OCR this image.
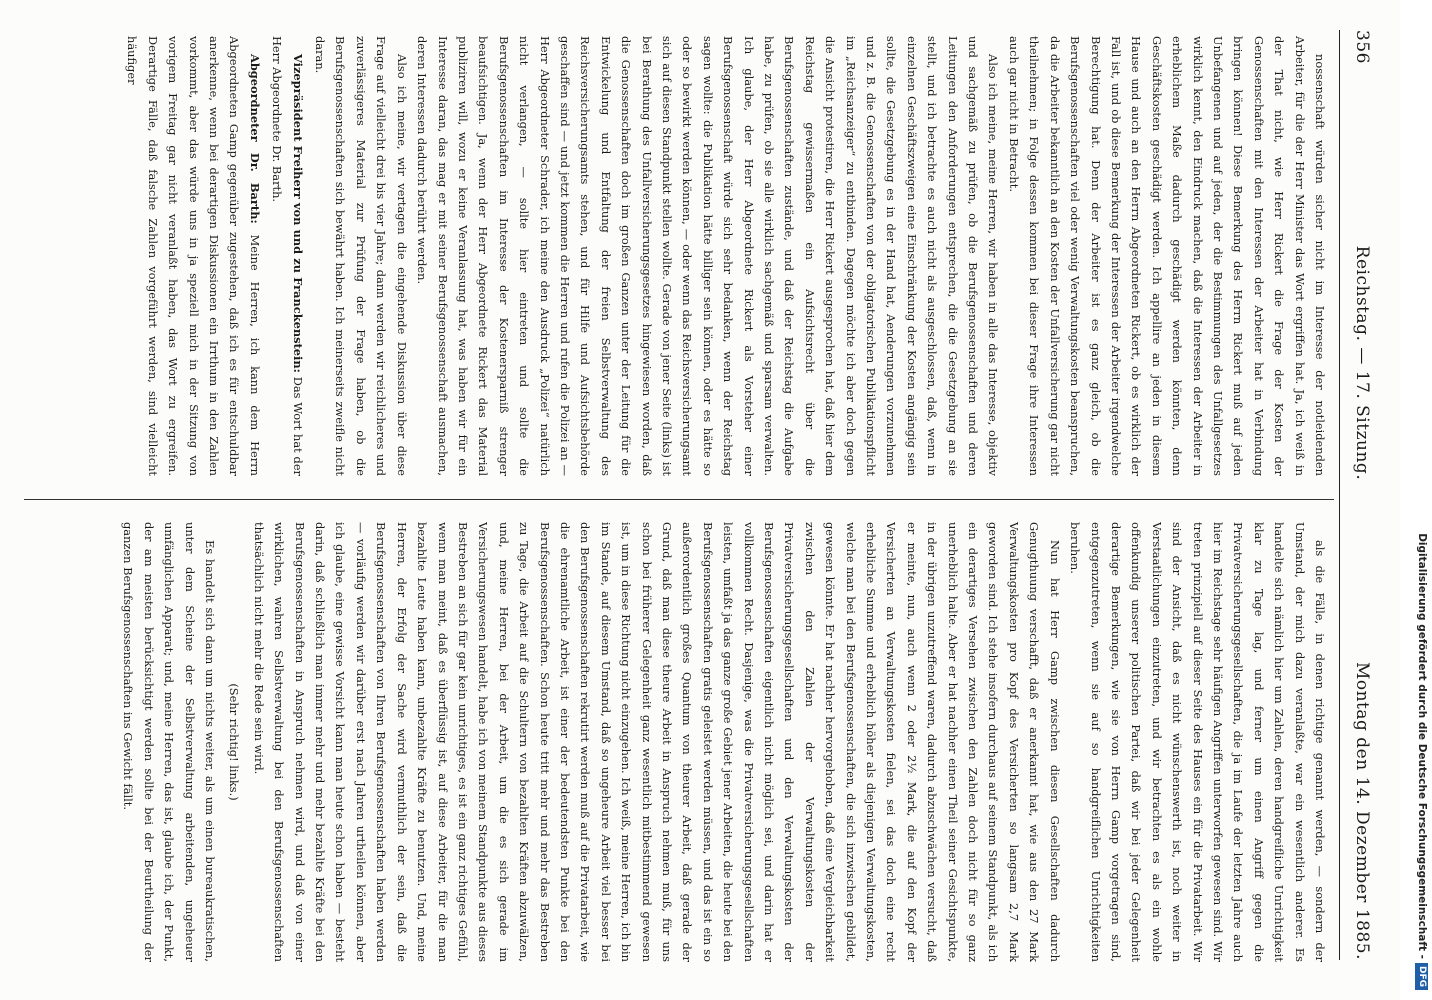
356
Reichstag. — 17. Sitzung.
Montag den 14. Dezember 1885.

nossenschaft würden sicher nicht im Interesse der notleidenden Arbeiter, für die der Herr Minister das Wort ergriffen hat. Ja, ich weiß in der That nicht, wie Herr Rickert die Frage der Kosten der Genossenschaften mit den Interessen der Arbeiter hat in Verbindung bringen können! Diese Bemerkung des Herrn Rickert muß auf jeden Unbefangenen und auf jeden, der die Bestimmungen des Unfallgesetzes wirklich kennt, den Eindruck machen, daß die Interessen der Arbeiter in erheblichem Maße dadurch geschädigt werden könnten, denn Geschäftskosten geschädigt werden. Ich appellire an jeden in diesem Hause und auch an den Herrn Abgeordneten Rickert, ob es wirklich der Fall ist, und ob diese Bemerkung der Interessen der Arbeiter irgendwelche Berechtigung hat. Denn der Arbeiter ist es ganz gleich, ob die Berufsgenossenschaften viel oder wenig Verwaltungskosten beanspruchen, da die Arbeiter bekanntlich an den Kosten der Unfallversicherung gar nicht theilnehmen; in Folge dessen kommen bei dieser Frage ihre Interessen auch gar nicht in Betracht.

Also ich meine, meine Herren, wir haben in alle das Interesse, objektiv und sachgemäß zu prüfen, ob die Berufsgenossenschaften und deren Leitungen den Anforderungen entsprechen, die die Gesetzgebung an sie stellt, und ich betrachte es auch nicht als ausgeschlossen, daß, wenn in einzelnen Geschäftszweigen eine Einschränkung der Kosten angängig sein sollte, die Gesetzgebung es in der Hand hat, Aenderungen vorzunehmen und z. B. die Genossenschaften von der obligatorischen Publikationspflicht im „Reichsanzeiger“ zu entbinden. Dagegen möchte ich aber doch gegen die Ansicht protestiren, die Herr Rickert ausgesprochen hat, daß hier dem Reichstag gewissermaßen ein Aufsichtsrecht über die Berufsgenossenschaften zustände, und daß der Reichstag die Aufgabe habe, zu prüfen, ob sie alle wirklich sachgemäß und sparsam verwalten. Ich glaube, der Herr Abgeordnete Rickert als Vorsteher einer Berufsgenossenschaft würde sich sehr bedanken, wenn der Reichstag sagen wollte: die Publikation hätte billiger sein können, oder es hätte so oder so bewirkt werden können, — oder wenn das Reichsversicherungsamt sich auf diesen Standpunkt stellen wollte. Gerade von jener Seite (links) ist bei Berathung des Unfallversicherungsgesetzes hingewiesen worden, daß die Genossenschaften doch im großen Ganzen unter der Leitung für die Entwickelung und Entfaltung der freien Selbstverwaltung des Reichsversicherungsamts stehen, und für Hilfe und Aufsichtsbehörde geschaffen sind — und jetzt kommen die Herren und rufen die Polizei an — Herr Abgeordneter Schrader, ich meine den Ausdruck „Polizei“ natürlich nicht verlangen, — sollte hier eintreten und sollte die Berufsgenossenschaften im Interesse der Kostenersparniß strenger beaufsichtigen. Ja, wenn der Herr Abgeordnete Rickert das Material publiziren will, wozu er keine Veranlassung hat, was haben wir für ein Interesse daran, das mag er mit seiner Berufsgenossenschaft ausmachen, deren Interessen dadurch berührt werden.

Also ich meine, wir vertagen die eingehende Diskussion über diese Frage auf vielleicht drei bis vier Jahre; dann werden wir reichlicheres und zuverlässigeres Material zur Prüfung der Frage haben, ob die Berufsgenossenschaften sich bewährt haben. Ich meinerseits zweifle nicht daran.

Vizepräsident Freiherr von und zu Franckenstein: Das Wort hat der Herr Abgeordnete Dr. Barth.

Abgeordneter Dr. Barth: Meine Herren, ich kann dem Herrn Abgeordneten Gamp gegenüber zugestehen, daß ich es für entschuldbar anerkenne, wenn bei derartigen Diskussionen ein Irrthum in den Zahlen vorkommt, aber das würde uns in ja speziell mich in der Sitzung von vorigem Freitag gar nicht veranlaßt haben, das Wort zu ergreifen. Derartige Fälle, daß falsche Zahlen vorgeführt werden, sind vielleicht häufiger

als die Fälle, in denen richtige genannt werden, — sondern der Umstand, der mich dazu veranlaßte, war ein wesentlich anderer. Es handelte sich nämlich hier um Zahlen, deren handgreifliche Unrichtigkeit klar zu Tage lag, und ferner um einen Angriff gegen die Privatversicherungsgesellschaften, die ja im Laufe der letzten Jahre auch hier im Reichstage sehr häufigen Angriffen unterworfen gewesen sind. Wir treten prinzipiell auf dieser Seite des Hauses ein für die Privatarbeit. Wir sind der Ansicht, daß es nicht wünschenswerth ist, noch weiter in Verstaatlichungen einzutreten, und wir betrachten es als ein wohle offenkundig unserer politischen Partei, daß wir bei jeder Gelegenheit derartige Bemerkungen, wie sie von Herrn Gamp vorgetragen sind, entgegenzutreten, wenn sie auf so handgreiflichen Unrichtigkeiten beruhen.

Nun hat Herr Gamp zwischen diesen Gesellschaften dadurch Genugthuung verschafft, daß er anerkannt hat, wie aus den 27 Mark Verwaltungskosten pro Kopf des Versicherten so langsam 2,7 Mark geworden sind. Ich stehe insofern durchaus auf seinem Standpunkt, als ich ein derartiges Versehen zwischen den Zahlen doch nicht für so ganz unerheblich halte. Aber er hat nachher einen Theil seiner Gesichtspunkte, in der übrigen unzutreffend waren, dadurch abzuschwächen versucht, daß er meinte, nun, auch wenn 2 oder 2½ Mark, die auf den Kopf der Versicherten an Verwaltungskosten fielen, sei das doch eine recht erhebliche Summe und erheblich höher als diejenigen Verwaltungskosten, welche man bei den Berufsgenossenschaften, die sich inzwischen gebildet, gewesen könnte. Er hat nachher hervorgehoben, daß eine Vergleichbarkeit zwischen den Zahlen der Verwaltungskosten der Privatversicherungsgesellschaften und den Verwaltungskosten der Berufsgenossenschaften eigentlich nicht möglich sei, und darin hat er vollkommen Recht. Dasjenige, was die Privatversicherungsgesellschaften leisten, umfaßt ja das ganze große Gebiet jener Arbeiten, die heute bei den Berufsgenossenschaften gratis geleistet werden müssen, und das ist ein so außerordentlich großes Quantum von theurer Arbeit, daß gerade der Grund, daß man diese theure Arbeit in Anspruch nehmen muß, für uns schon bei früherer Gelegenheit ganz wesentlich mitbestimmend gewesen ist, um in diese Richtung nicht einzugehen. Ich weiß, meine Herren, ich bin im Stande, auf diesem Umstand, daß so ungeheure Arbeit viel besser bei den Berufsgenossenschaften rekrutirt werden muß auf die Privatarbeit, wie die ehrenamtliche Arbeit, ist einer der bedeutendsten Punkte bei den Berufsgenossenschaften. Schon heute tritt mehr und mehr das Bestreben zu Tage, die Arbeit auf die Schultern von bezahlten Kräften abzuwälzen, und, meine Herren, bei der Arbeit, um die es sich gerade im Versicherungswesen handelt, habe ich von meinem Standpunkte aus dieses Bestreben an sich für gar kein unrichtiges, es ist ein ganz richtiges Gefühl, wenn man meint, daß es überflüssig ist, auf diese Arbeiter, für die man bezahlte Leute haben kann, unbezahlte Kräfte zu benutzen. Und, meine Herren, der Erfolg der Sache wird vermuthlich der sein, daß die Berufsgenossenschaften von Ihren Berufsgenossenschaften haben werden — vorläufig werden wir darüber erst nach Jahren urtheilen können, aber ich glaube, eine gewisse Vorsicht kann man heute schon haben — besteht darin, daß schließlich man immer mehr und mehr bezahlte Kräfte bei den Berufsgenossenschaften in Anspruch nehmen wird, und daß von einer wirklichen, wahren Selbstverwaltung bei den Berufsgenossenschaften thatsächlich nicht mehr die Rede sein wird.

(Sehr richtig! links.)

Es handelt sich dann um nichts weiter, als um einen bureaukratischen, unter dem Scheine der Selbstverwaltung arbeitenden, ungeheuer umfänglichen Apparat; und, meine Herren, das ist, glaube ich, der Punkt, der am meisten berücksichtigt werden sollte bei der Beurtheilung der ganzen Berufsgenossenschaften ins Gewicht fällt.	Digitalisierung gefördert durch die Deutsche Forschungsgemeinschaft -
DFG
